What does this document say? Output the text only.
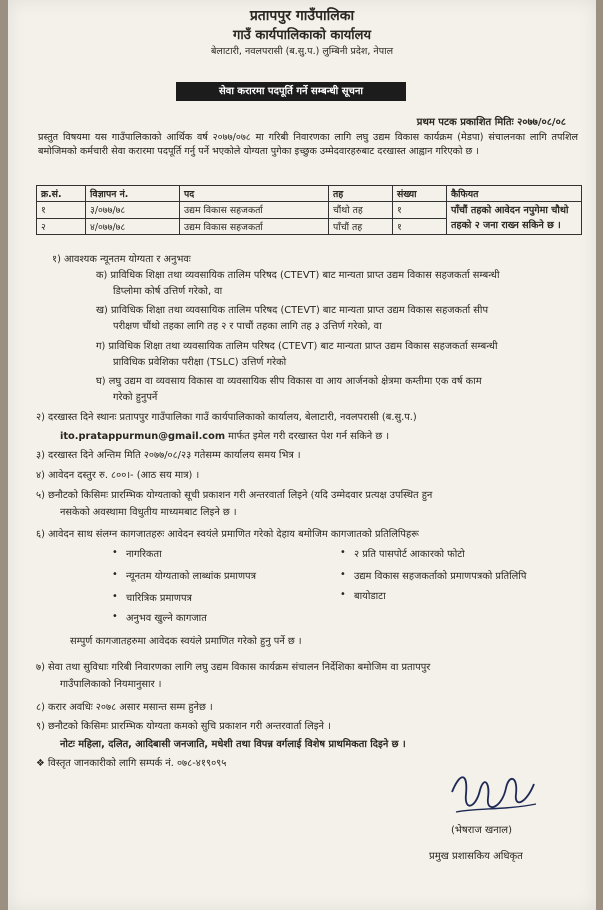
प्रतापपुर गाउँपालिका
गाउँ कार्यपालिकाको कार्यालय
बेलाटारी, नवलपरासी (ब.सु.प.) लुम्बिनी प्रदेश, नेपाल
सेवा करारमा पदपूर्ति गर्ने सम्बन्धी सूचना
प्रथम पटक प्रकाशित मितिः २०७७/०८/०८
प्रस्तुत विषयमा यस गाउँपालिकाको आर्थिक वर्ष २०७७/०७८ मा गरिबी निवारणका लागि लघु उद्यम विकास कार्यक्रम (मेडपा) संचालनका लागि तपशिल बमोजिमको कर्मचारी सेवा करारमा पदपूर्ति गर्नु पर्ने भएकोले योग्यता पुगेका इच्छुक उम्मेदवारहरुबाट दरखास्त आह्वान गरिएको छ ।
क्र.सं.	विज्ञापन नं.	पद	तह	संख्या	कैफियत
१	३/०७७/७८	उद्यम विकास सहजकर्ता	चौंथो तह	१	पाँचौं तहको आवेदन नपुगेमा चौथो तहको २ जना राख्न सकिने छ ।
२	४/०७७/७८	उद्यम विकास सहजकर्ता	पाँचौं तह	१	
१) आवश्यक न्यूनतम योग्यता र अनुभवः
क) प्राविधिक शिक्षा तथा व्यवसायिक तालिम परिषद (CTEVT) बाट मान्यता प्राप्त उद्यम विकास सहजकर्ता सम्बन्धी
डिप्लोमा कोर्ष उत्तिर्ण गरेको, वा
ख) प्राविधिक शिक्षा तथा व्यवसायिक तालिम परिषद (CTEVT) बाट मान्यता प्राप्त उद्यम विकास सहजकर्ता सीप
परीक्षण चौंथो तहका लागि तह २ र पाचौं तहका लागि तह ३ उत्तिर्ण गरेको, वा
ग) प्राविधिक शिक्षा तथा व्यवसायिक तालिम परिषद (CTEVT) बाट मान्यता प्राप्त उद्यम विकास सहजकर्ता सम्बन्धी
प्राविधिक प्रवेशिका परीक्षा (TSLC) उत्तिर्ण गरेको
घ) लघु उद्यम वा व्यवसाय विकास वा व्यवसायिक सीप विकास वा आय आर्जनको क्षेत्रमा कम्तीमा एक वर्ष काम
गरेको हुनुपर्ने
२) दरखास्त दिने स्थानः प्रतापपुर गाउँपालिका गाउँ कार्यपालिकाको कार्यालय, बेलाटारी, नवलपरासी (ब.सु.प.)
ito.pratappurmun@gmail.com मार्फत इमेल गरी दरखास्त पेश गर्न सकिने छ ।
३) दरखास्त दिने अन्तिम मिति २०७७/०८/२३ गतेसम्म कार्यालय समय भित्र ।
४) आवेदन दस्तुर रु. ८००।- (आठ सय मात्र) ।
५) छनौटको किसिमः प्रारम्भिक योग्यताको सूची प्रकाशन गरी अन्तरवार्ता लिइने (यदि उम्मेदवार प्रत्यक्ष उपस्थित हुन
नसकेको अवस्थामा विधुतीय माध्यमबाट लिइने छ ।
६) आवेदन साथ संलग्न कागजातहरुः आवेदन स्वयंले प्रमाणित गरेको देहाय बमोजिम कागजातको प्रतिलिपिहरू
• नागरिकता
• न्यूनतम योग्यताको लाब्धांक प्रमाणपत्र
• चारित्रिक प्रमाणपत्र
• अनुभव खुल्ने कागजात
• २ प्रति पासपोर्ट आकारको फोटो
• उद्यम विकास सहजकर्ताको प्रमाणपत्रको प्रतिलिपि
• बायोडाटा
सम्पुर्ण कागजातहरुमा आवेदक स्वयंले प्रमाणित गरेको हुनु पर्ने छ ।
७) सेवा तथा सुविधाः गरिबी निवारणका लागि लघु उद्यम विकास कार्यक्रम संचालन निर्देशिका बमोजिम वा प्रतापपुर
गाउँपालिकाको नियमानुसार ।
८) करार अवधिः २०७८ असार मसान्त सम्म हुनेछ ।
९) छनौटको किसिमः प्रारम्भिक योग्यता कमको सुचि प्रकाशन गरी अन्तरवार्ता लिइने ।
नोटः महिला, दलित, आदिबासी जनजाति, मधेशी तथा विपन्न वर्गलाई विशेष प्राथमिकता दिइने छ ।
❖ विस्तृत जानकारीको लागि सम्पर्क नं. ०७८-४१९०९५
(भेषराज खनाल)
प्रमुख प्रशासकिय अधिकृत
